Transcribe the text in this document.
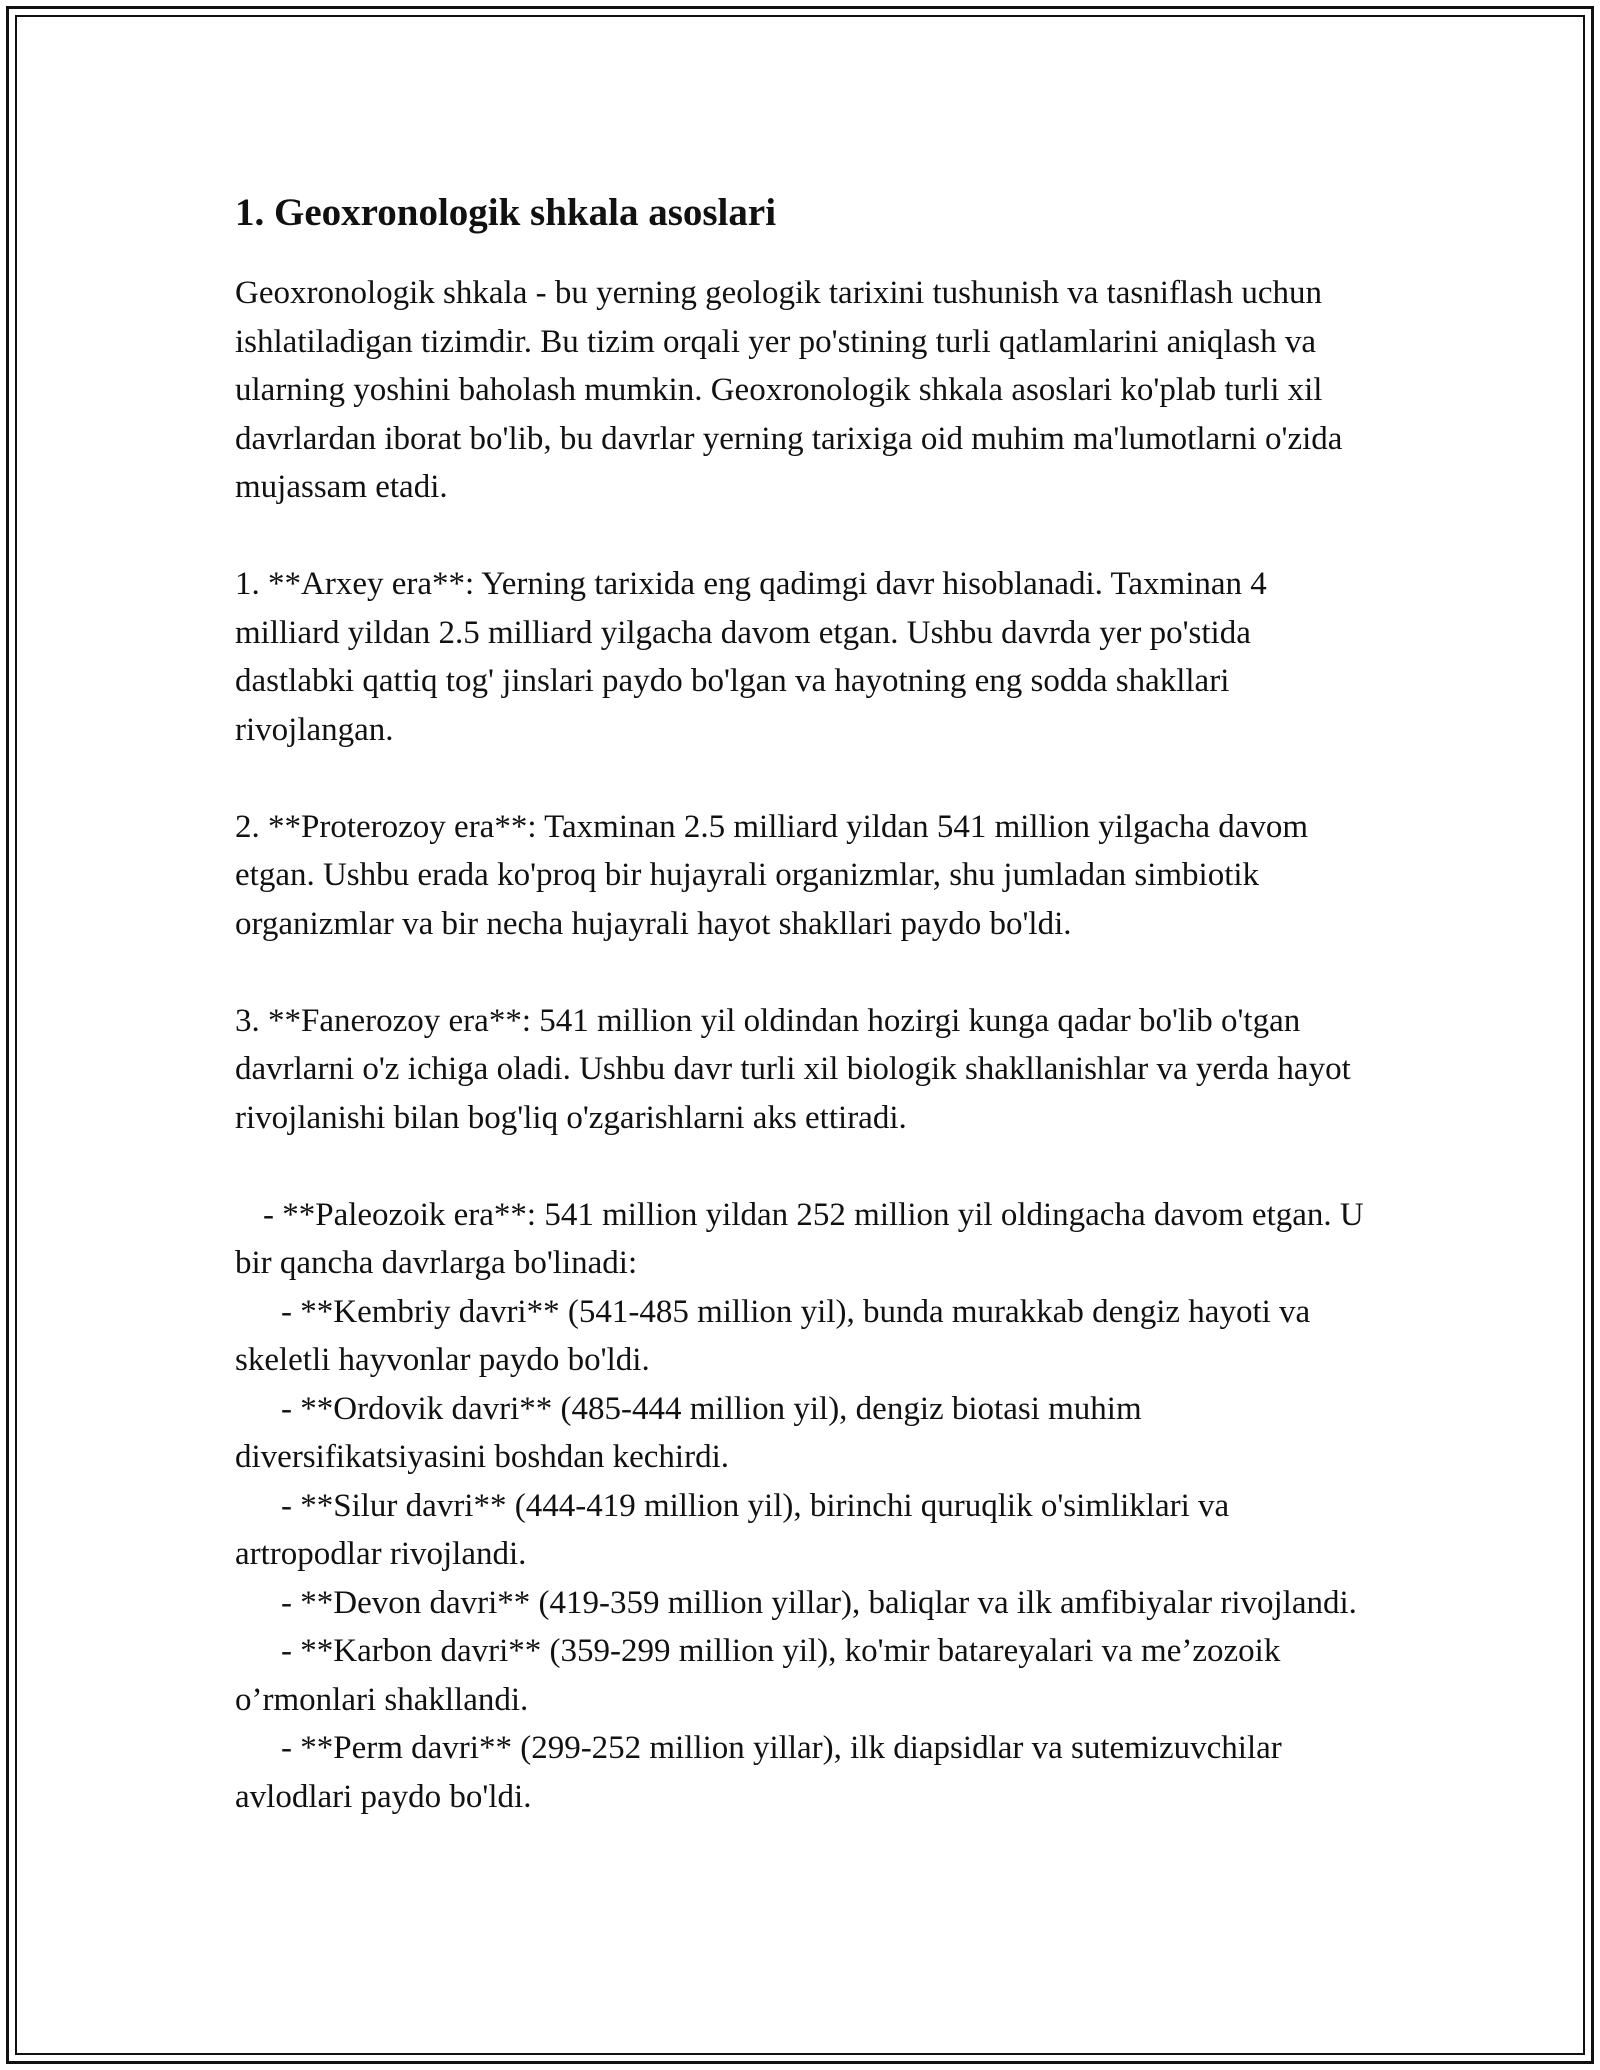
1. Geoxronologik shkala asoslari

Geoxronologik shkala - bu yerning geologik tarixini tushunish va tasniflash uchun ishlatiladigan tizimdir. Bu tizim orqali yer po'stining turli qatlamlarini aniqlash va ularning yoshini baholash mumkin. Geoxronologik shkala asoslari ko'plab turli xil davrlardan iborat bo'lib, bu davrlar yerning tarixiga oid muhim ma'lumotlarni o'zida mujassam etadi.

1. **Arxey era**: Yerning tarixida eng qadimgi davr hisoblanadi. Taxminan 4 milliard yildan 2.5 milliard yilgacha davom etgan. Ushbu davrda yer po'stida dastlabki qattiq tog' jinslari paydo bo'lgan va hayotning eng sodda shakllari rivojlangan.

2. **Proterozoy era**: Taxminan 2.5 milliard yildan 541 million yilgacha davom etgan. Ushbu erada ko'proq bir hujayrali organizmlar, shu jumladan simbiotik organizmlar va bir necha hujayrali hayot shakllari paydo bo'ldi.

3. **Fanerozoy era**: 541 million yil oldindan hozirgi kunga qadar bo'lib o'tgan davrlarni o'z ichiga oladi. Ushbu davr turli xil biologik shakllanishlar va yerda hayot rivojlanishi bilan bog'liq o'zgarishlarni aks ettiradi.

- **Paleozoik era**: 541 million yildan 252 million yil oldingacha davom etgan. U bir qancha davrlarga bo'linadi:

- **Kembriy davri** (541-485 million yil), bunda murakkab dengiz hayoti va skeletli hayvonlar paydo bo'ldi.

- **Ordovik davri** (485-444 million yil), dengiz biotasi muhim diversifikatsiyasini boshdan kechirdi.

- **Silur davri** (444-419 million yil), birinchi quruqlik o'simliklari va artropodlar rivojlandi.

- **Devon davri** (419-359 million yillar), baliqlar va ilk amfibiyalar rivojlandi.

- **Karbon davri** (359-299 million yil), ko'mir batareyalari va me’zozoik o’rmonlari shakllandi.

- **Perm davri** (299-252 million yillar), ilk diapsidlar va sutemizuvchilar avlodlari paydo bo'ldi.
